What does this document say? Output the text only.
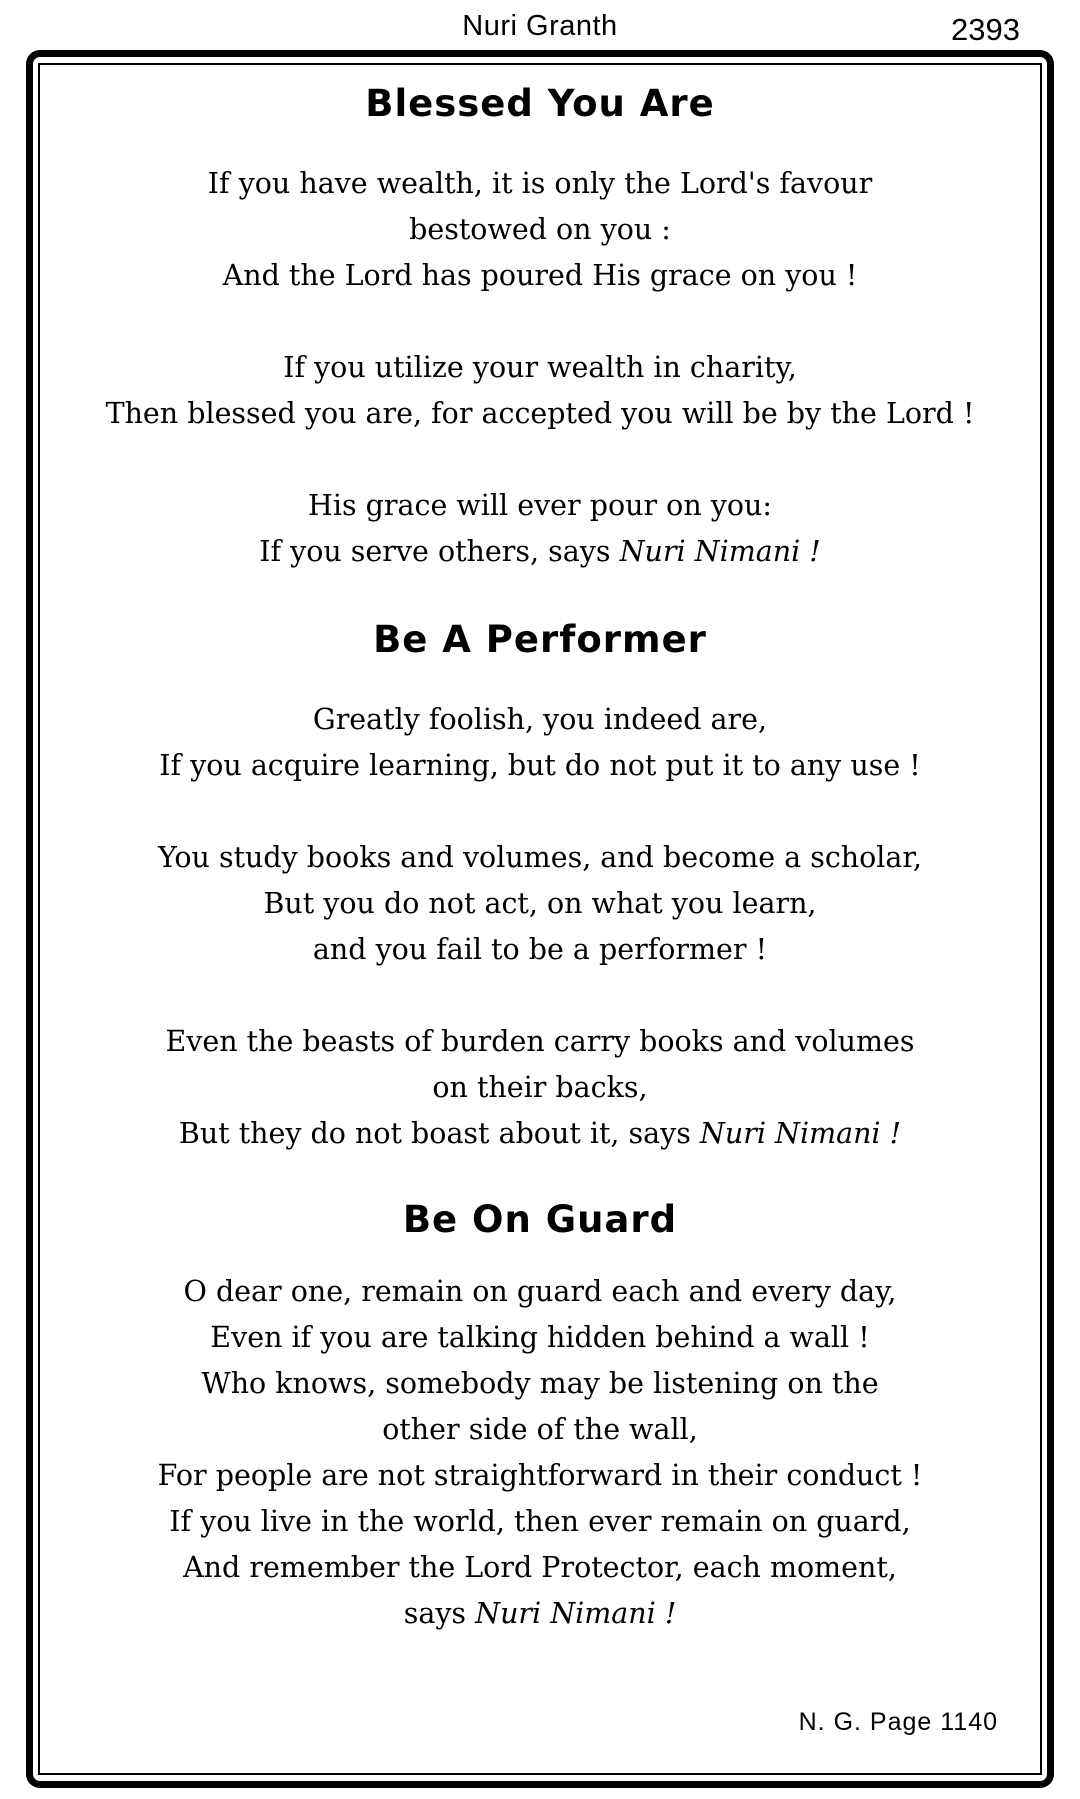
Nuri Granth	2393
Blessed You Are
If you have wealth, it is only the Lord's favour
bestowed on you :
And the Lord has poured His grace on you !
If you utilize your wealth in charity,
Then blessed you are, for accepted you will be by the Lord !
His grace will ever pour on you:
If you serve others, says Nuri Nimani !
Be A Performer
Greatly foolish, you indeed are,
If you acquire learning, but do not put it to any use !
You study books and volumes, and become a scholar,
But you do not act, on what you learn,
and you fail to be a performer !
Even the beasts of burden carry books and volumes
on their backs,
But they do not boast about it, says Nuri Nimani !
Be On Guard
O dear one, remain on guard each and every day,
Even if you are talking hidden behind a wall !
Who knows, somebody may be listening on the
other side of the wall,
For people are not straightforward in their conduct !
If you live in the world, then ever remain on guard,
And remember the Lord Protector, each moment,
says Nuri Nimani !
N. G. Page 1140
